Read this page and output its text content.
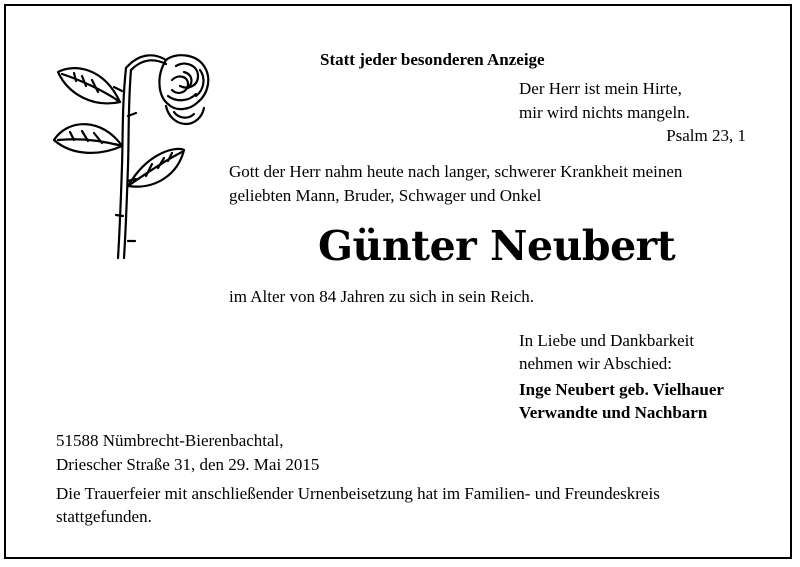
Statt jeder besonderen Anzeige
Der Herr ist mein Hirte,
mir wird nichts mangeln.
Psalm 23, 1
Gott der Herr nahm heute nach langer, schwerer Krankheit meinen
geliebten Mann, Bruder, Schwager und Onkel
Günter Neubert
im Alter von 84 Jahren zu sich in sein Reich.
In Liebe und Dankbarkeit
nehmen wir Abschied:
Inge Neubert geb. Vielhauer
Verwandte und Nachbarn
51588 Nümbrecht-Bierenbachtal,
Driescher Straße 31, den 29. Mai 2015
Die Trauerfeier mit anschließender Urnenbeisetzung hat im Familien- und Freundeskreis
stattgefunden.
